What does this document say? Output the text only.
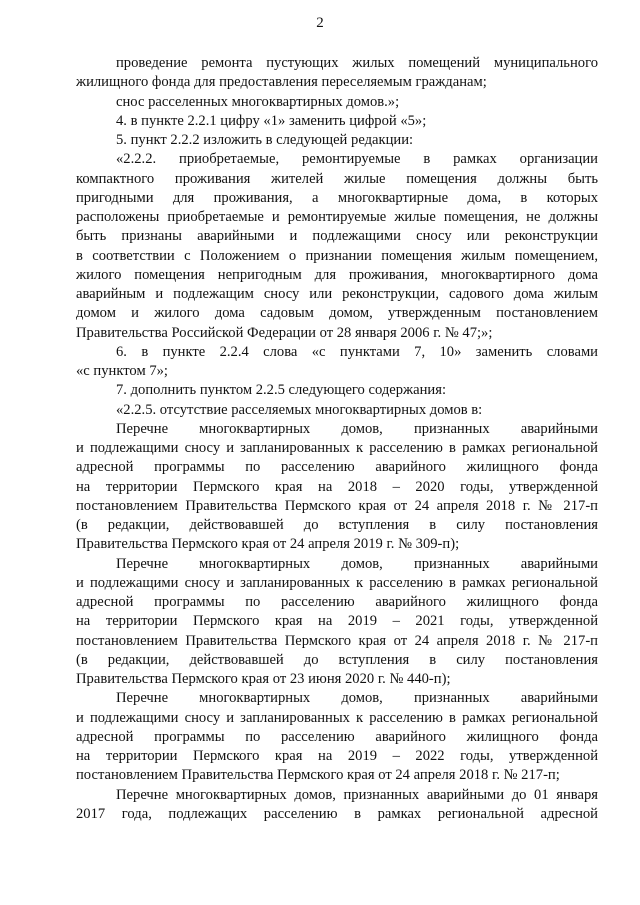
2
проведение ремонта пустующих жилых помещений муниципального
жилищного фонда для предоставления переселяемым гражданам;
снос расселенных многоквартирных домов.»;
4. в пункте 2.2.1 цифру «1» заменить цифрой «5»;
5. пункт 2.2.2 изложить в следующей редакции:
«2.2.2. приобретаемые, ремонтируемые в рамках организации
компактного проживания жителей жилые помещения должны быть
пригодными для проживания, а многоквартирные дома, в которых
расположены приобретаемые и ремонтируемые жилые помещения, не должны
быть признаны аварийными и подлежащими сносу или реконструкции
в соответствии с Положением о признании помещения жилым помещением,
жилого помещения непригодным для проживания, многоквартирного дома
аварийным и подлежащим сносу или реконструкции, садового дома жилым
домом и жилого дома садовым домом, утвержденным постановлением
Правительства Российской Федерации от 28 января 2006 г. № 47;»;
6. в пункте 2.2.4 слова «с пунктами 7, 10» заменить словами
«с пунктом 7»;
7. дополнить пунктом 2.2.5 следующего содержания:
«2.2.5. отсутствие расселяемых многоквартирных домов в:
Перечне многоквартирных домов, признанных аварийными
и подлежащими сносу и запланированных к расселению в рамках региональной
адресной программы по расселению аварийного жилищного фонда
на территории Пермского края на 2018 – 2020 годы, утвержденной
постановлением Правительства Пермского края от 24 апреля 2018 г. № 217-п
(в редакции, действовавшей до вступления в силу постановления
Правительства Пермского края от 24 апреля 2019 г. № 309-п);
Перечне многоквартирных домов, признанных аварийными
и подлежащими сносу и запланированных к расселению в рамках региональной
адресной программы по расселению аварийного жилищного фонда
на территории Пермского края на 2019 – 2021 годы, утвержденной
постановлением Правительства Пермского края от 24 апреля 2018 г. № 217-п
(в редакции, действовавшей до вступления в силу постановления
Правительства Пермского края от 23 июня 2020 г. № 440-п);
Перечне многоквартирных домов, признанных аварийными
и подлежащими сносу и запланированных к расселению в рамках региональной
адресной программы по расселению аварийного жилищного фонда
на территории Пермского края на 2019 – 2022 годы, утвержденной
постановлением Правительства Пермского края от 24 апреля 2018 г. № 217-п;
Перечне многоквартирных домов, признанных аварийными до 01 января
2017 года, подлежащих расселению в рамках региональной адресной
